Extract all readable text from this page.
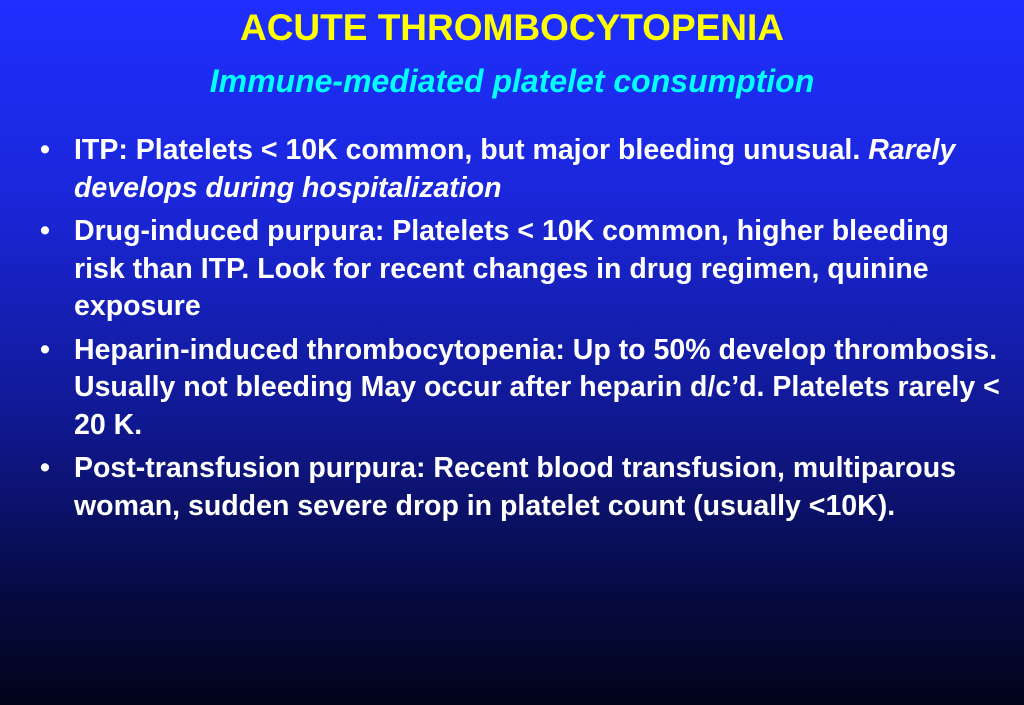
ACUTE THROMBOCYTOPENIA
Immune-mediated platelet consumption
• ITP: Platelets < 10K common, but major bleeding unusual. Rarely develops during hospitalization
• Drug-induced purpura: Platelets < 10K common, higher bleeding risk than ITP. Look for recent changes in drug regimen, quinine exposure
• Heparin-induced thrombocytopenia: Up to 50% develop thrombosis. Usually not bleeding May occur after heparin d/c’d. Platelets rarely < 20 K.
• Post-transfusion purpura: Recent blood transfusion, multiparous woman, sudden severe drop in platelet count (usually <10K).
